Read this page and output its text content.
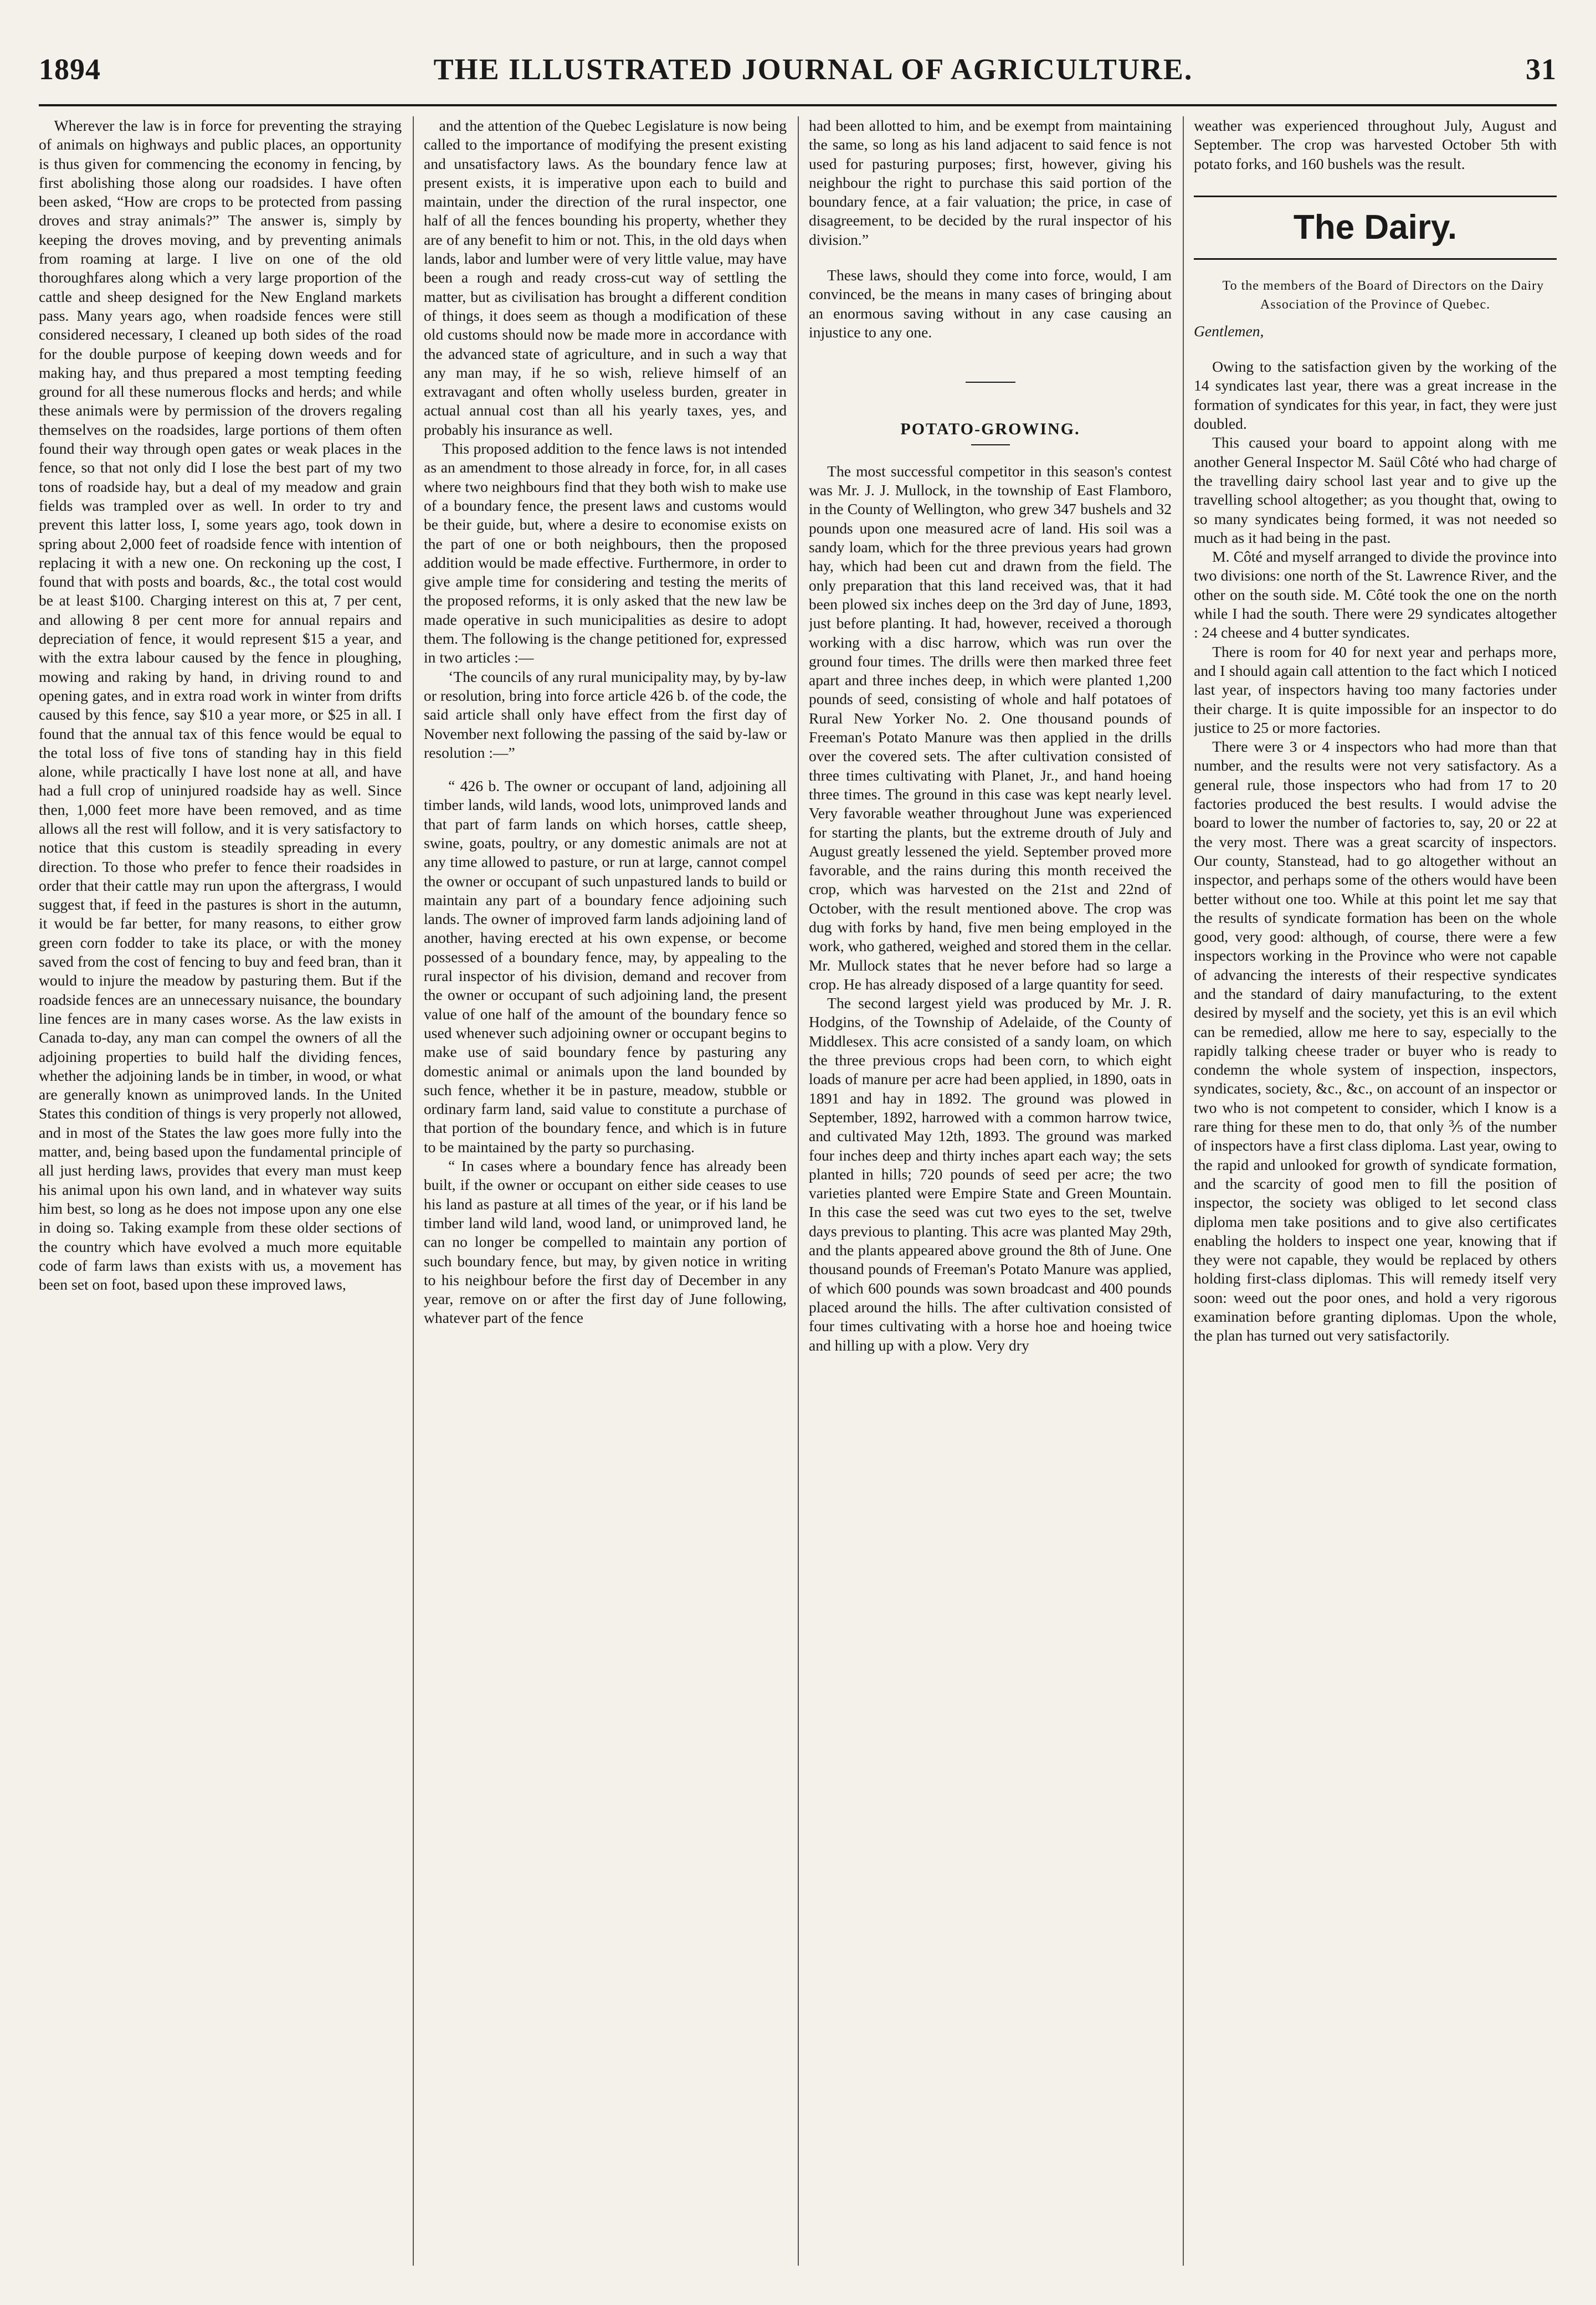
1894	THE ILLUSTRATED JOURNAL OF AGRICULTURE.	31

Wherever the law is in force for preventing the straying of animals on highways and public places, an opportunity is thus given for commencing the economy in fencing, by first abolishing those along our roadsides. I have often been asked, “How are crops to be protected from passing droves and stray animals?” The answer is, simply by keeping the droves moving, and by preventing animals from roaming at large. I live on one of the old thoroughfares along which a very large proportion of the cattle and sheep designed for the New England markets pass. Many years ago, when roadside fences were still considered necessary, I cleaned up both sides of the road for the double purpose of keeping down weeds and for making hay, and thus prepared a most tempting feeding ground for all these numerous flocks and herds; and while these animals were by permission of the drovers regaling themselves on the roadsides, large portions of them often found their way through open gates or weak places in the fence, so that not only did I lose the best part of my two tons of roadside hay, but a deal of my meadow and grain fields was trampled over as well. In order to try and prevent this latter loss, I, some years ago, took down in spring about 2,000 feet of roadside fence with intention of replacing it with a new one. On reckoning up the cost, I found that with posts and boards, &c., the total cost would be at least $100. Charging interest on this at, 7 per cent, and allowing 8 per cent more for annual repairs and depreciation of fence, it would represent $15 a year, and with the extra labour caused by the fence in ploughing, mowing and raking by hand, in driving round to and opening gates, and in extra road work in winter from drifts caused by this fence, say $10 a year more, or $25 in all. I found that the annual tax of this fence would be equal to the total loss of five tons of standing hay in this field alone, while practically I have lost none at all, and have had a full crop of uninjured roadside hay as well. Since then, 1,000 feet more have been removed, and as time allows all the rest will follow, and it is very satisfactory to notice that this custom is steadily spreading in every direction. To those who prefer to fence their roadsides in order that their cattle may run upon the aftergrass, I would suggest that, if feed in the pastures is short in the autumn, it would be far better, for many reasons, to either grow green corn fodder to take its place, or with the money saved from the cost of fencing to buy and feed bran, than it would to injure the meadow by pasturing them. But if the roadside fences are an unnecessary nuisance, the boundary line fences are in many cases worse. As the law exists in Canada to-day, any man can compel the owners of all the adjoining properties to build half the dividing fences, whether the adjoining lands be in timber, in wood, or what are generally known as unimproved lands. In the United States this condition of things is very properly not allowed, and in most of the States the law goes more fully into the matter, and, being based upon the fundamental principle of all just herding laws, provides that every man must keep his animal upon his own land, and in whatever way suits him best, so long as he does not impose upon any one else in doing so. Taking example from these older sections of the country which have evolved a much more equitable code of farm laws than exists with us, a movement has been set on foot, based upon these improved laws,

and the attention of the Quebec Legislature is now being called to the importance of modifying the present existing and unsatisfactory laws. As the boundary fence law at present exists, it is imperative upon each to build and maintain, under the direction of the rural inspector, one half of all the fences bounding his property, whether they are of any benefit to him or not. This, in the old days when lands, labor and lumber were of very little value, may have been a rough and ready cross-cut way of settling the matter, but as civilisation has brought a different condition of things, it does seem as though a modification of these old customs should now be made more in accordance with the advanced state of agriculture, and in such a way that any man may, if he so wish, relieve himself of an extravagant and often wholly useless burden, greater in actual annual cost than all his yearly taxes, yes, and probably his insurance as well.

This proposed addition to the fence laws is not intended as an amendment to those already in force, for, in all cases where two neighbours find that they both wish to make use of a boundary fence, the present laws and customs would be their guide, but, where a desire to economise exists on the part of one or both neighbours, then the proposed addition would be made effective. Furthermore, in order to give ample time for considering and testing the merits of the proposed reforms, it is only asked that the new law be made operative in such municipalities as desire to adopt them. The following is the change petitioned for, expressed in two articles :—

‘The councils of any rural municipality may, by by-law or resolution, bring into force article 426 b. of the code, the said article shall only have effect from the first day of November next following the passing of the said by-law or resolution :—”

“ 426 b. The owner or occupant of land, adjoining all timber lands, wild lands, wood lots, unimproved lands and that part of farm lands on which horses, cattle sheep, swine, goats, poultry, or any domestic animals are not at any time allowed to pasture, or run at large, cannot compel the owner or occupant of such unpastured lands to build or maintain any part of a boundary fence adjoining such lands. The owner of improved farm lands adjoining land of another, having erected at his own expense, or become possessed of a boundary fence, may, by appealing to the rural inspector of his division, demand and recover from the owner or occupant of such adjoining land, the present value of one half of the amount of the boundary fence so used whenever such adjoining owner or occupant begins to make use of said boundary fence by pasturing any domestic animal or animals upon the land bounded by such fence, whether it be in pasture, meadow, stubble or ordinary farm land, said value to constitute a purchase of that portion of the boundary fence, and which is in future to be maintained by the party so purchasing.

“ In cases where a boundary fence has already been built, if the owner or occupant on either side ceases to use his land as pasture at all times of the year, or if his land be timber land wild land, wood land, or unimproved land, he can no longer be compelled to maintain any portion of such boundary fence, but may, by given notice in writing to his neighbour before the first day of December in any year, remove on or after the first day of June following, whatever part of the fence

had been allotted to him, and be exempt from maintaining the same, so long as his land adjacent to said fence is not used for pasturing purposes; first, however, giving his neighbour the right to purchase this said portion of the boundary fence, at a fair valuation; the price, in case of disagreement, to be decided by the rural inspector of his division.”

These laws, should they come into force, would, I am convinced, be the means in many cases of bringing about an enormous saving without in any case causing an injustice to any one.

POTATO-GROWING.

The most successful competitor in this season's contest was Mr. J. J. Mullock, in the township of East Flamboro, in the County of Wellington, who grew 347 bushels and 32 pounds upon one measured acre of land. His soil was a sandy loam, which for the three previous years had grown hay, which had been cut and drawn from the field. The only preparation that this land received was, that it had been plowed six inches deep on the 3rd day of June, 1893, just before planting. It had, however, received a thorough working with a disc harrow, which was run over the ground four times. The drills were then marked three feet apart and three inches deep, in which were planted 1,200 pounds of seed, consisting of whole and half potatoes of Rural New Yorker No. 2. One thousand pounds of Freeman's Potato Manure was then applied in the drills over the covered sets. The after cultivation consisted of three times cultivating with Planet, Jr., and hand hoeing three times. The ground in this case was kept nearly level. Very favorable weather throughout June was experienced for starting the plants, but the extreme drouth of July and August greatly lessened the yield. September proved more favorable, and the rains during this month received the crop, which was harvested on the 21st and 22nd of October, with the result mentioned above. The crop was dug with forks by hand, five men being employed in the work, who gathered, weighed and stored them in the cellar. Mr. Mullock states that he never before had so large a crop. He has already disposed of a large quantity for seed.

The second largest yield was produced by Mr. J. R. Hodgins, of the Township of Adelaide, of the County of Middlesex. This acre consisted of a sandy loam, on which the three previous crops had been corn, to which eight loads of manure per acre had been applied, in 1890, oats in 1891 and hay in 1892. The ground was plowed in September, 1892, harrowed with a common harrow twice, and cultivated May 12th, 1893. The ground was marked four inches deep and thirty inches apart each way; the sets planted in hills; 720 pounds of seed per acre; the two varieties planted were Empire State and Green Mountain. In this case the seed was cut two eyes to the set, twelve days previous to planting. This acre was planted May 29th, and the plants appeared above ground the 8th of June. One thousand pounds of Freeman's Potato Manure was applied, of which 600 pounds was sown broadcast and 400 pounds placed around the hills. The after cultivation consisted of four times cultivating with a horse hoe and hoeing twice and hilling up with a plow. Very dry

weather was experienced throughout July, August and September. The crop was harvested October 5th with potato forks, and 160 bushels was the result.

The Dairy.

To the members of the Board of Directors on the Dairy Association of the Province of Quebec.

Gentlemen,

Owing to the satisfaction given by the working of the 14 syndicates last year, there was a great increase in the formation of syndicates for this year, in fact, they were just doubled.

This caused your board to appoint along with me another General Inspector M. Saül Côté who had charge of the travelling dairy school last year and to give up the travelling school altogether; as you thought that, owing to so many syndicates being formed, it was not needed so much as it had being in the past.

M. Côté and myself arranged to divide the province into two divisions: one north of the St. Lawrence River, and the other on the south side. M. Côté took the one on the north while I had the south. There were 29 syndicates altogether : 24 cheese and 4 butter syndicates.

There is room for 40 for next year and perhaps more, and I should again call attention to the fact which I noticed last year, of inspectors having too many factories under their charge. It is quite impossible for an inspector to do justice to 25 or more factories.

There were 3 or 4 inspectors who had more than that number, and the results were not very satisfactory. As a general rule, those inspectors who had from 17 to 20 factories produced the best results. I would advise the board to lower the number of factories to, say, 20 or 22 at the very most. There was a great scarcity of inspectors. Our county, Stanstead, had to go altogether without an inspector, and perhaps some of the others would have been better without one too. While at this point let me say that the results of syndicate formation has been on the whole good, very good: although, of course, there were a few inspectors working in the Province who were not capable of advancing the interests of their respective syndicates and the standard of dairy manufacturing, to the extent desired by myself and the society, yet this is an evil which can be remedied, allow me here to say, especially to the rapidly talking cheese trader or buyer who is ready to condemn the whole system of inspection, inspectors, syndicates, society, &c., &c., on account of an inspector or two who is not competent to consider, which I know is a rare thing for these men to do, that only ⅗ of the number of inspectors have a first class diploma. Last year, owing to the rapid and unlooked for growth of syndicate formation, and the scarcity of good men to fill the position of inspector, the society was obliged to let second class diploma men take positions and to give also certificates enabling the holders to inspect one year, knowing that if they were not capable, they would be replaced by others holding first-class diplomas. This will remedy itself very soon: weed out the poor ones, and hold a very rigorous examination before granting diplomas. Upon the whole, the plan has turned out very satisfactorily.
